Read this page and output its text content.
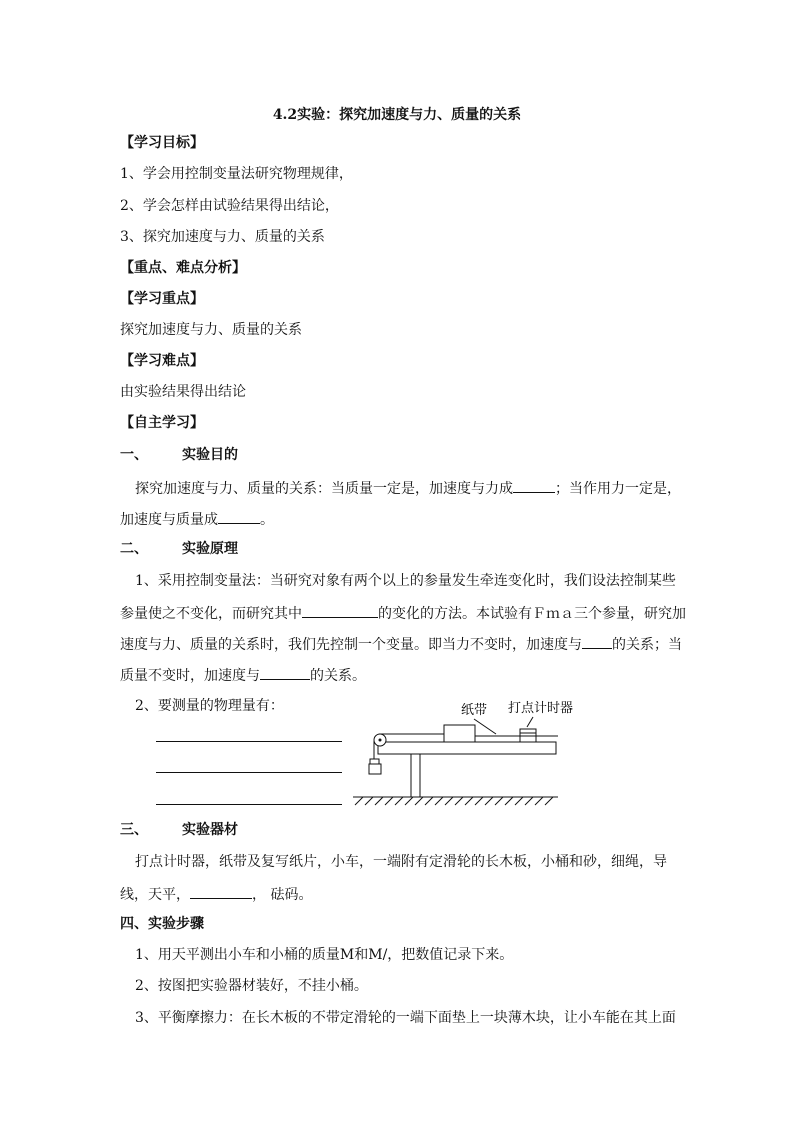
4.2实验：探究加速度与力、质量的关系
【学习目标】
1、学会用控制变量法研究物理规律，
2、学会怎样由试验结果得出结论，
3、探究加速度与力、质量的关系
【重点、难点分析】
【学习重点】
探究加速度与力、质量的关系
【学习难点】
由实验结果得出结论
【自主学习】
一、 实验目的
探究加速度与力、质量的关系：当质量一定是，加速度与力成	；当作用力一定是，
加速度与质量成	。
二、 实验原理
1、采用控制变量法：当研究对象有两个以上的参量发生牵连变化时，我们设法控制某些
参量使之不变化，而研究其中	的变化的方法。本试验有Ｆｍａ三个参量，研究加
速度与力、质量的关系时，我们先控制一个变量。即当力不变时，加速度与 的关系；当
质量不变时，加速度与	的关系。
2、要测量的物理量有：	纸带 打点计时器
三、 实验器材
打点计时器，纸带及复写纸片，小车，一端附有定滑轮的长木板，小桶和砂，细绳，导
线，天平，	， 砝码。
四、实验步骤
1、用天平测出小车和小桶的质量M和M/，把数值记录下来。
2、按图把实验器材装好，不挂小桶。
3、平衡摩擦力：在长木板的不带定滑轮的一端下面垫上一块薄木块，让小车能在其上面
